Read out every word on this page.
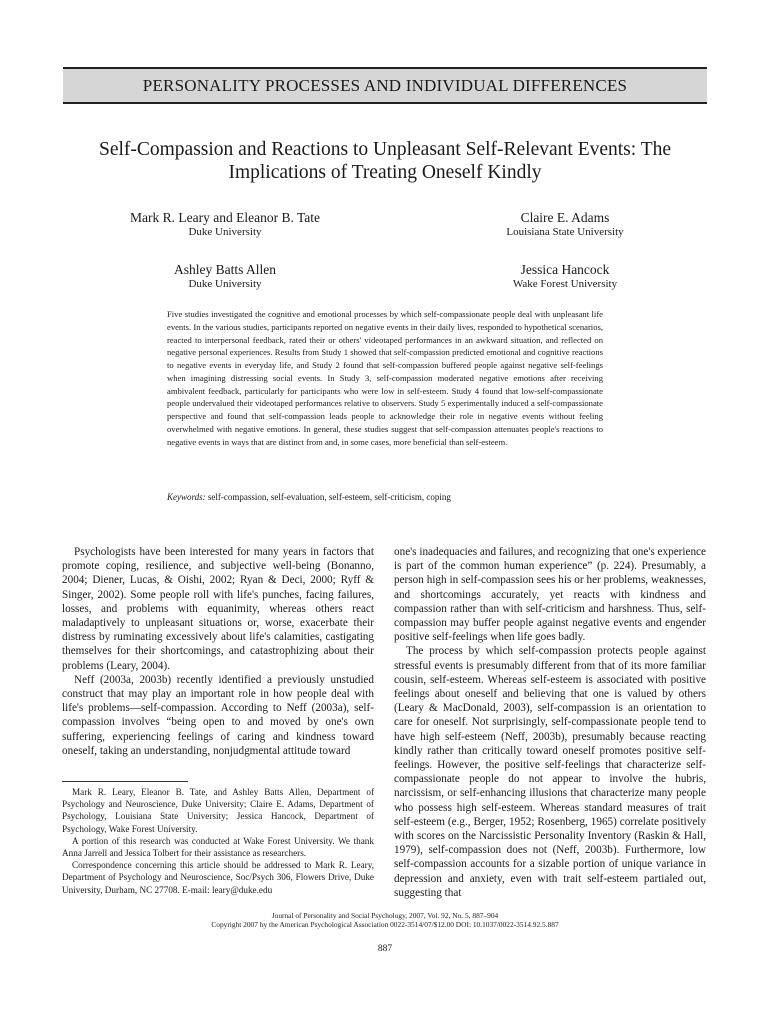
PERSONALITY PROCESSES AND INDIVIDUAL DIFFERENCES
Self-Compassion and Reactions to Unpleasant Self-Relevant Events: The
Implications of Treating Oneself Kindly
Mark R. Leary and Eleanor B. Tate
Duke University
Claire E. Adams
Louisiana State University
Ashley Batts Allen
Duke University
Jessica Hancock
Wake Forest University
Five studies investigated the cognitive and emotional processes by which self-compassionate people deal with unpleasant life events. In the various studies, participants reported on negative events in their daily lives, responded to hypothetical scenarios, reacted to interpersonal feedback, rated their or others' videotaped performances in an awkward situation, and reflected on negative personal experiences. Results from Study 1 showed that self-compassion predicted emotional and cognitive reactions to negative events in everyday life, and Study 2 found that self-compassion buffered people against negative self-feelings when imagining distressing social events. In Study 3, self-compassion moderated negative emotions after receiving ambivalent feedback, particularly for participants who were low in self-esteem. Study 4 found that low-self-compassionate people undervalued their videotaped performances relative to observers. Study 5 experimentally induced a self-compassionate perspective and found that self-compassion leads people to acknowledge their role in negative events without feeling overwhelmed with negative emotions. In general, these studies suggest that self-compassion attenuates people's reactions to negative events in ways that are distinct from and, in some cases, more beneficial than self-esteem.
Keywords: self-compassion, self-evaluation, self-esteem, self-criticism, coping

Psychologists have been interested for many years in factors that promote coping, resilience, and subjective well-being (Bonanno, 2004; Diener, Lucas, & Oishi, 2002; Ryan & Deci, 2000; Ryff & Singer, 2002). Some people roll with life's punches, facing failures, losses, and problems with equanimity, whereas others react maladaptively to unpleasant situations or, worse, exacerbate their distress by ruminating excessively about life's calamities, castigating themselves for their shortcomings, and catastrophizing about their problems (Leary, 2004).

Neff (2003a, 2003b) recently identified a previously unstudied construct that may play an important role in how people deal with life's problems—self-compassion. According to Neff (2003a), self-compassion involves “being open to and moved by one's own suffering, experiencing feelings of caring and kindness toward oneself, taking an understanding, nonjudgmental attitude toward

Mark R. Leary, Eleanor B. Tate, and Ashley Batts Allen, Department of Psychology and Neuroscience, Duke University; Claire E. Adams, Department of Psychology, Louisiana State University; Jessica Hancock, Department of Psychology, Wake Forest University.

A portion of this research was conducted at Wake Forest University. We thank Anna Jarrell and Jessica Tolbert for their assistance as researchers.

Correspondence concerning this article should be addressed to Mark R. Leary, Department of Psychology and Neuroscience, Soc/Psych 306, Flowers Drive, Duke University, Durham, NC 27708. E-mail: leary@duke.edu

one's inadequacies and failures, and recognizing that one's experience is part of the common human experience” (p. 224). Presumably, a person high in self-compassion sees his or her problems, weaknesses, and shortcomings accurately, yet reacts with kindness and compassion rather than with self-criticism and harshness. Thus, self-compassion may buffer people against negative events and engender positive self-feelings when life goes badly.

The process by which self-compassion protects people against stressful events is presumably different from that of its more familiar cousin, self-esteem. Whereas self-esteem is associated with positive feelings about oneself and believing that one is valued by others (Leary & MacDonald, 2003), self-compassion is an orientation to care for oneself. Not surprisingly, self-compassionate people tend to have high self-esteem (Neff, 2003b), presumably because reacting kindly rather than critically toward oneself promotes positive self-feelings. However, the positive self-feelings that characterize self-compassionate people do not appear to involve the hubris, narcissism, or self-enhancing illusions that characterize many people who possess high self-esteem. Whereas standard measures of trait self-esteem (e.g., Berger, 1952; Rosenberg, 1965) correlate positively with scores on the Narcissistic Personality Inventory (Raskin & Hall, 1979), self-compassion does not (Neff, 2003b). Furthermore, low self-compassion accounts for a sizable portion of unique variance in depression and anxiety, even with trait self-esteem partialed out, suggesting that

Journal of Personality and Social Psychology, 2007, Vol. 92, No. 5, 887–904
Copyright 2007 by the American Psychological Association 0022-3514/07/$12.00 DOI: 10.1037/0022-3514.92.5.887
887
